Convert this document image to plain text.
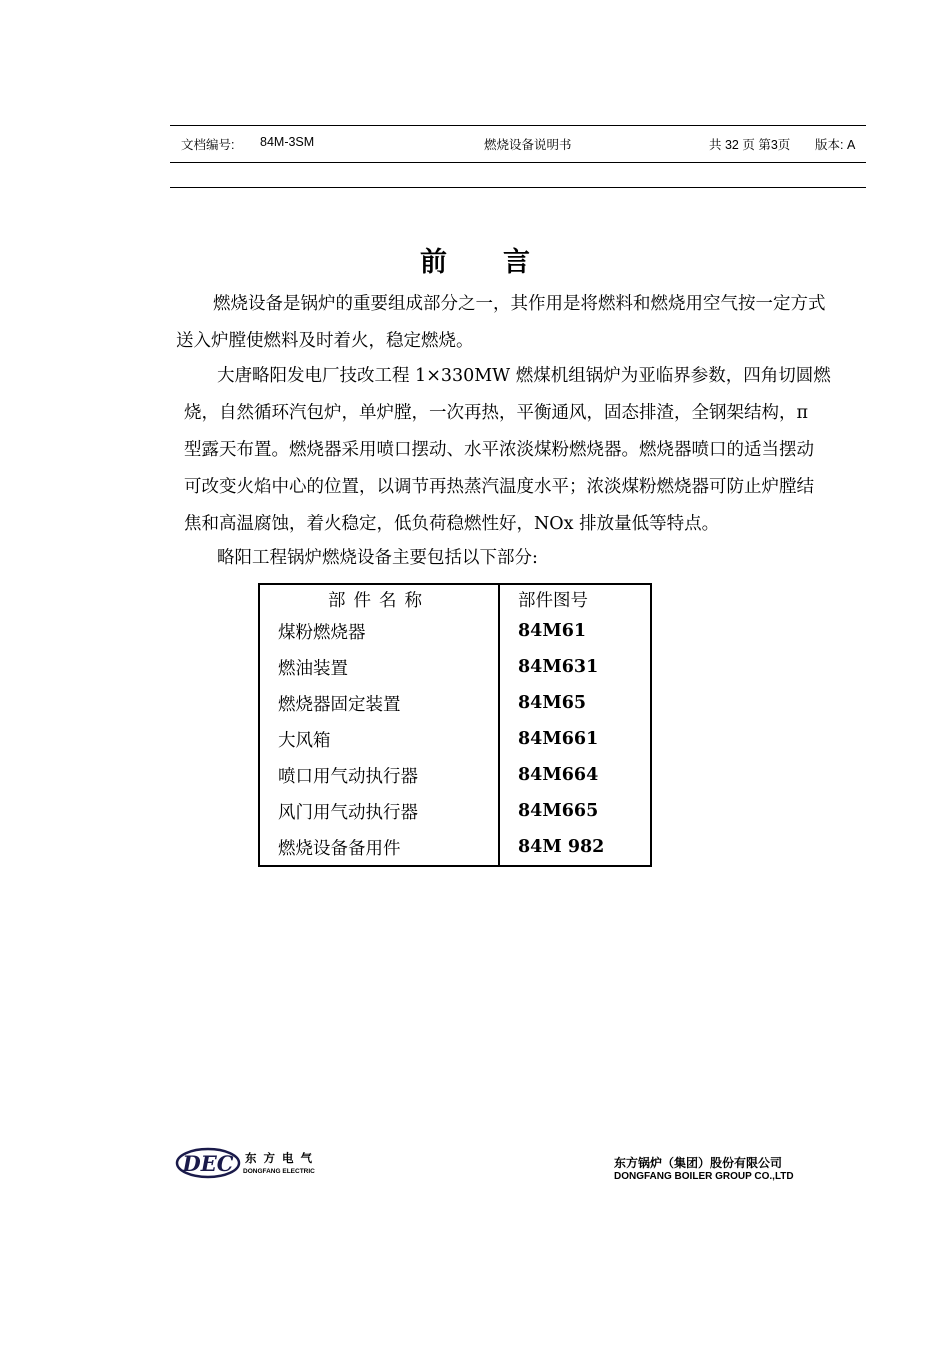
文档编号: 84M-3SM	燃烧设备说明书	共 32 页 第3页 版本: A
前言

燃烧设备是锅炉的重要组成部分之一，其作用是将燃料和燃烧用空气按一定方式
送入炉膛使燃料及时着火，稳定燃烧。

大唐略阳发电厂技改工程 1×330MW 燃煤机组锅炉为亚临界参数，四角切圆燃
烧，自然循环汽包炉，单炉膛，一次再热，平衡通风，固态排渣，全钢架结构，π
型露天布置。燃烧器采用喷口摆动、水平浓淡煤粉燃烧器。燃烧器喷口的适当摆动
可改变火焰中心的位置，以调节再热蒸汽温度水平；浓淡煤粉燃烧器可防止炉膛结
焦和高温腐蚀，着火稳定，低负荷稳燃性好，NOx 排放量低等特点。

略阳工程锅炉燃烧设备主要包括以下部分:

部件名称	部件图号
煤粉燃烧器	84M61
燃油装置	84M631
燃烧器固定装置	84M65
大风箱	84M661
喷口用气动执行器	84M664
风门用气动执行器	84M665
燃烧设备备用件	84M 982
DEC 东方电气
DONGFANG ELECTRIC
东方锅炉（集团）股份有限公司
DONGFANG BOILER GROUP CO.,LTD
